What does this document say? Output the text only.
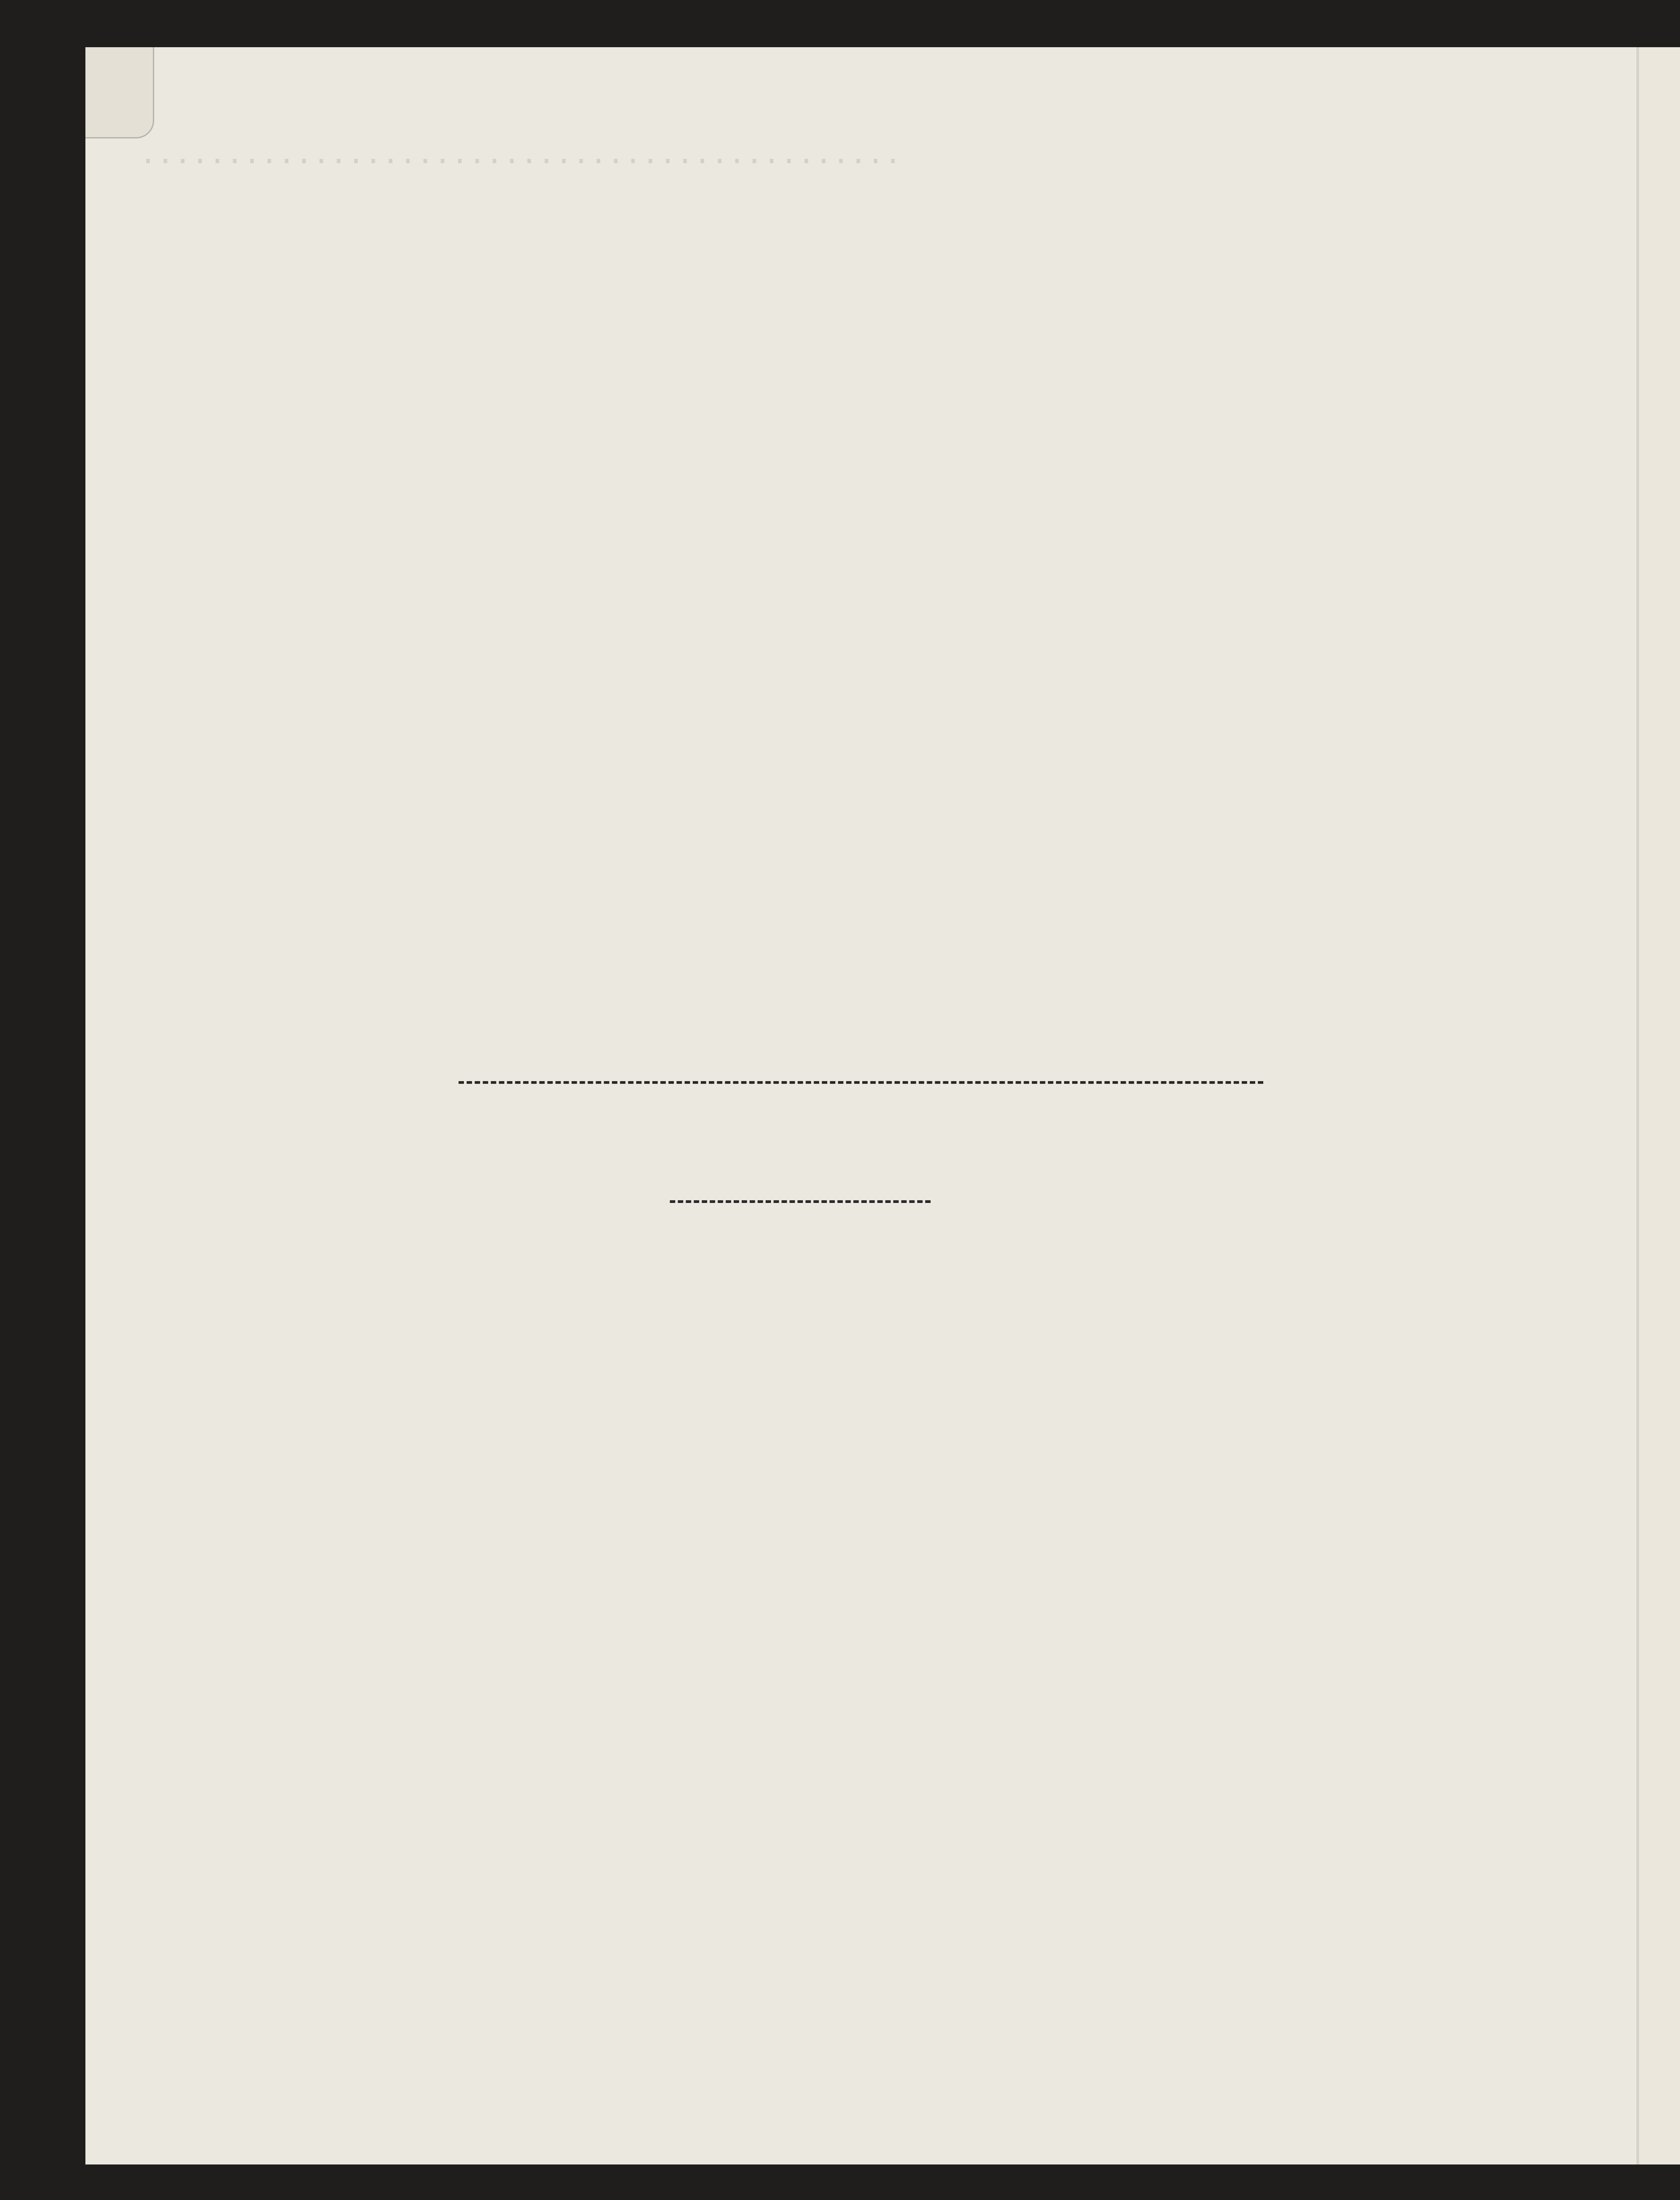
............................................
